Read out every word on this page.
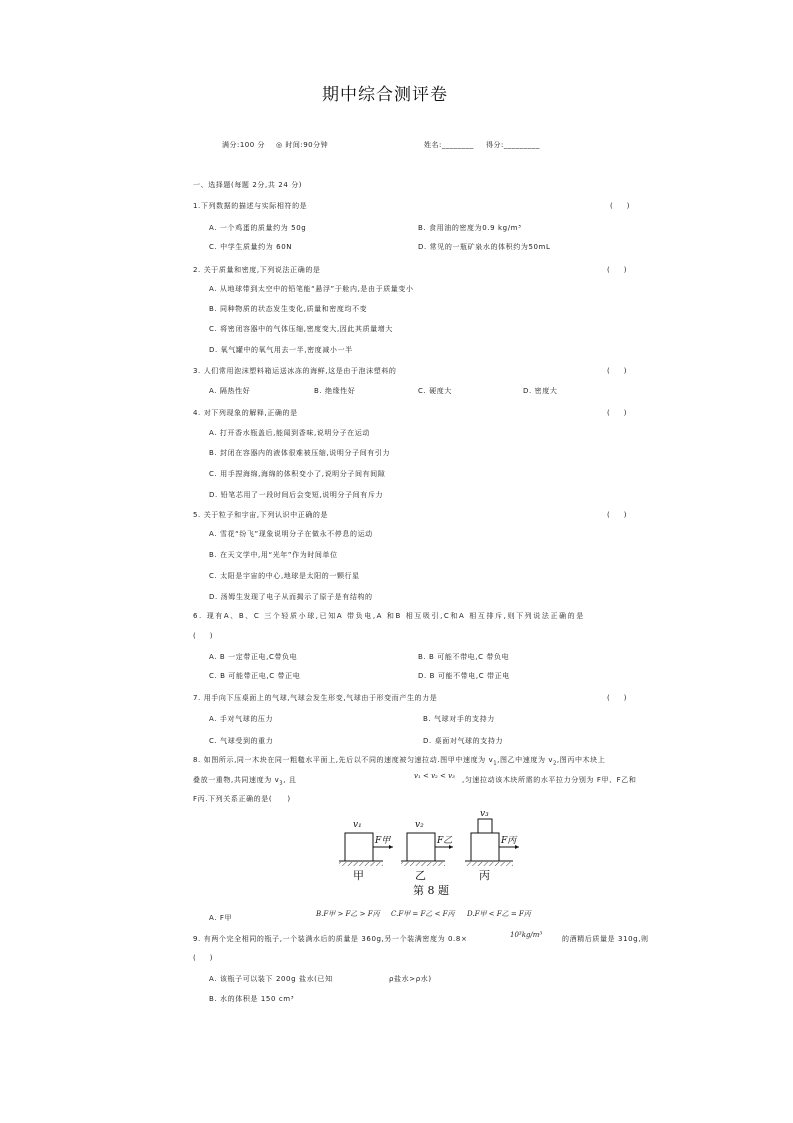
期中综合测评卷
满分:100 分 ◎ 时间:90分钟	姓名:________ 得分:_________
一、选择题(每题 2分,共 24 分)
1.下列数据的描述与实际相符的是	(　　)
A. 一个鸡蛋的质量约为 50g	B. 食用油的密度为0.9 kg/m³
C. 中学生质量约为 60N	D. 常见的一瓶矿泉水的体积约为50mL
2. 关于质量和密度,下列说法正确的是	(　　)
A. 从地球带到太空中的铅笔能“悬浮”于舱内,是由于质量变小
B. 同种物质的状态发生变化,质量和密度均不变
C. 将密闭容器中的气体压缩,密度变大,因此其质量增大
D. 氧气罐中的氧气用去一半,密度减小一半
3. 人们常用泡沫塑料箱运送冰冻的海鲜,这是由于泡沫塑料的	(　　)
A. 隔热性好	B. 绝缘性好	C. 硬度大	D. 密度大
4. 对下列现象的解释,正确的是	(　　)
A. 打开香水瓶盖后,能闻到香味,说明分子在运动
B. 封闭在容器内的液体很难被压缩,说明分子间有引力
C. 用手捏海绵,海绵的体积变小了,说明分子间有间隙
D. 铅笔芯用了一段时间后会变短,说明分子间有斥力
5. 关于粒子和宇宙,下列认识中正确的是	(　　)
A. 雪花“纷飞”现象说明分子在做永不停息的运动
B. 在天文学中,用“光年”作为时间单位
C. 太阳是宇宙的中心,地球是太阳的一颗行星
D. 汤姆生发现了电子从而揭示了原子是有结构的
6. 现有A、B、C 三个轻质小球,已知A 带负电,A 和B 相互吸引,C和A 相互排斥,则下列说法正确的是
(　　)
A. B 一定带正电,C带负电	B. B 可能不带电,C 带负电
C. B 可能带正电,C 带正电	D. B 可能不带电,C 带正电
7. 用手向下压桌面上的气球,气球会发生形变,气球由于形变而产生的力是	(　　)
A. 手对气球的压力	B. 气球对手的支持力
C. 气球受到的重力	D. 桌面对气球的支持力
8. 如图所示,同一木块在同一粗糙水平面上,先后以不同的速度被匀速拉动.图甲中速度为 $v_1$,图乙中速度为 $v_2$,图丙中木块上
叠放一重物,共同速度为 $v_3$, 且	v₁ < v₂ < v₃ ,匀速拉动该木块所需的水平拉力分别为 F甲、F乙和
F丙.下列关系正确的是(　　)
v₁
F甲
甲
v₂
F乙
乙
v₃
F丙
丙
第 8 题
A. F甲	B.F甲 > F乙 > F丙 C.F甲 = F乙 < F丙 D.F甲 < F乙 = F丙
9. 有两个完全相同的瓶子,一个装满水后的质量是 360g,另一个装满密度为 0.8×	10³kg/m³	的酒精后质量是 310g,则
(　　)
A. 该瓶子可以装下 200g 盐水(已知	ρ盐水>ρ水)
B. 水的体积是 150 cm³
